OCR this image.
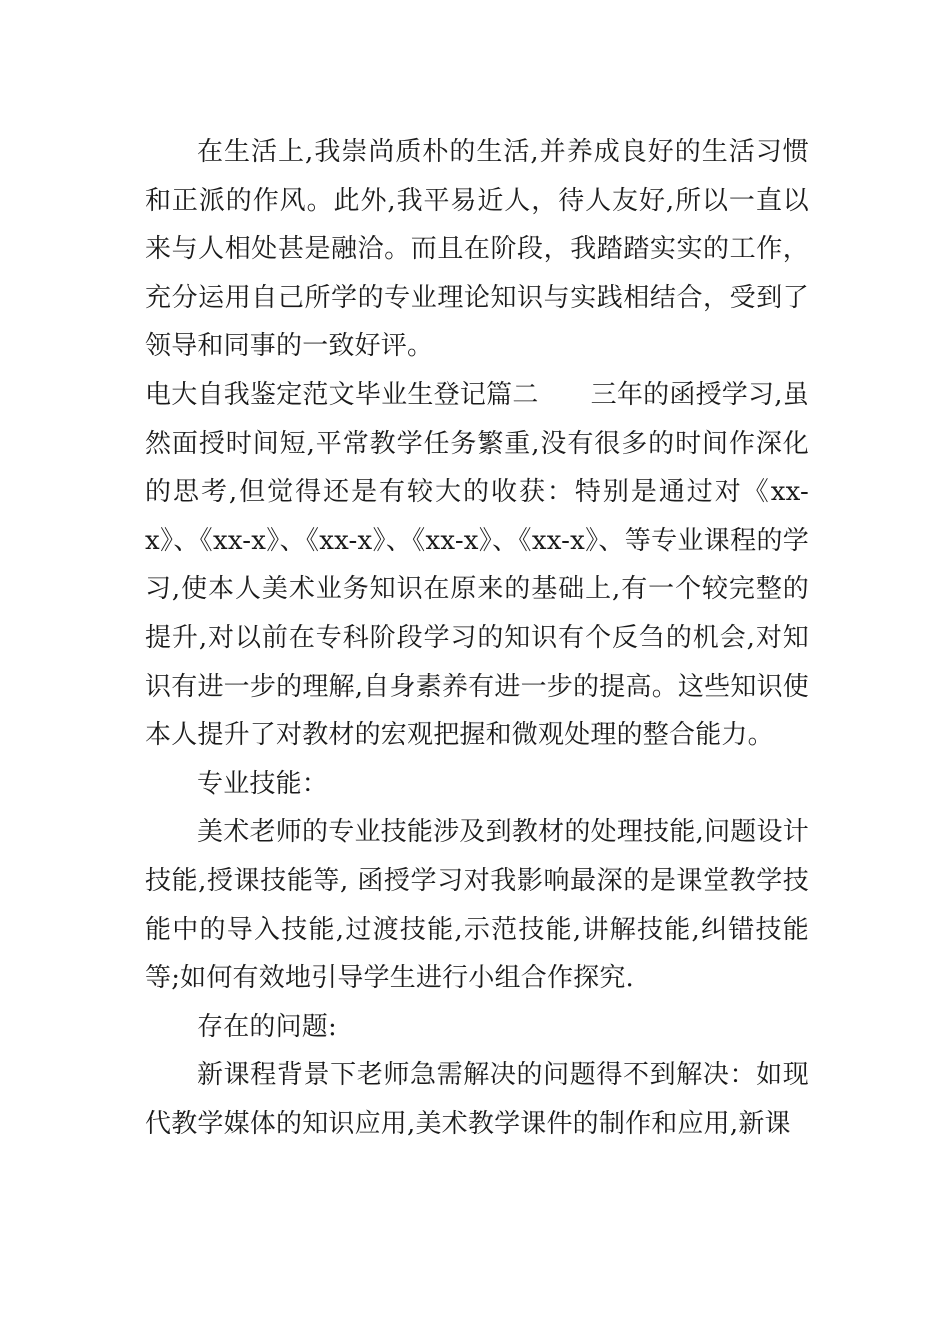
在生活上,我崇尚质朴的生活,并养成良好的生活习惯和正派的作风。此外,我平易近人，待人友好,所以一直以来与人相处甚是融洽。而且在阶段，我踏踏实实的工作，充分运用自己所学的专业理论知识与实践相结合，受到了领导和同事的一致好评。

电大自我鉴定范文毕业生登记篇二 三年的函授学习,虽然面授时间短,平常教学任务繁重,没有很多的时间作深化的思考,但觉得还是有较大的收获：特别是通过对《xx-x》、《xx-x》、《xx-x》、《xx-x》、《xx-x》、等专业课程的学习,使本人美术业务知识在原来的基础上,有一个较完整的提升,对以前在专科阶段学习的知识有个反刍的机会,对知识有进一步的理解,自身素养有进一步的提高。这些知识使本人提升了对教材的宏观把握和微观处理的整合能力。

专业技能：

美术老师的专业技能涉及到教材的处理技能,问题设计技能,授课技能等, 函授学习对我影响最深的是课堂教学技能中的导入技能,过渡技能,示范技能,讲解技能,纠错技能等;如何有效地引导学生进行小组合作探究.

存在的问题:

新课程背景下老师急需解决的问题得不到解决：如现代教学媒体的知识应用,美术教学课件的制作和应用,新课
